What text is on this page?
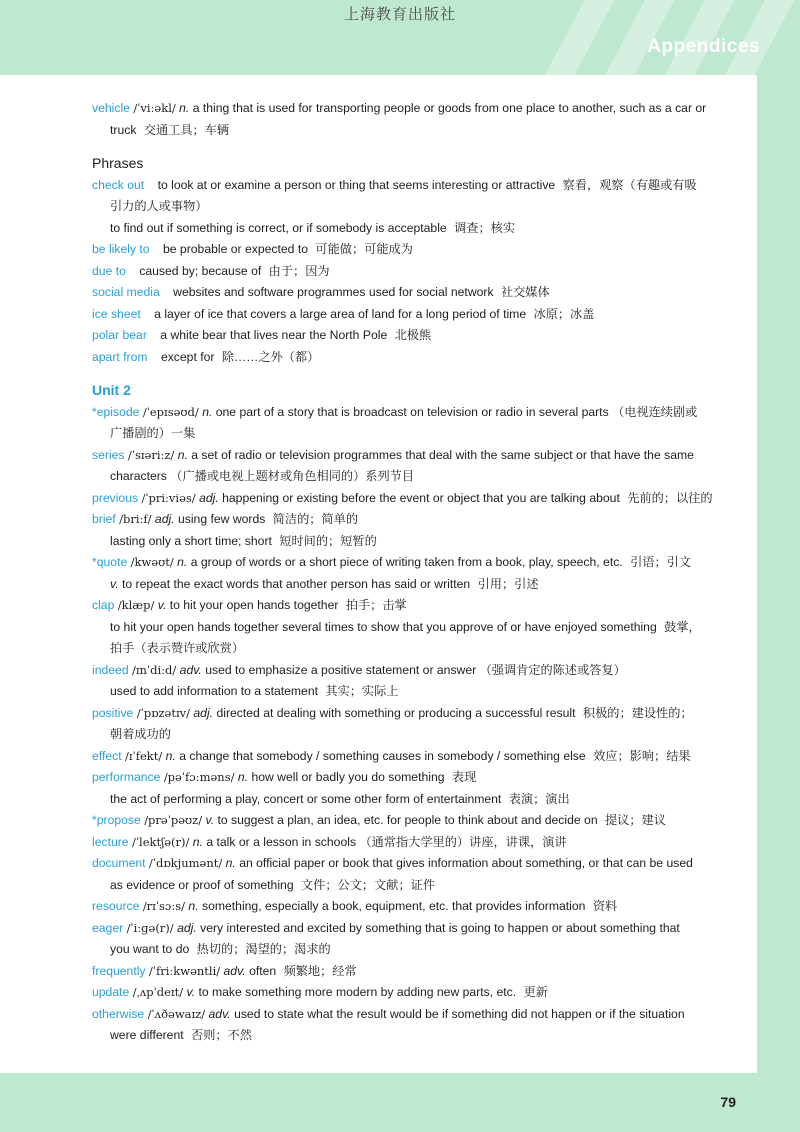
上海教育出版社
Appendices
79
vehicle /ˈviːəkl/ n. a thing that is used for transporting people or goods from one place to another, such as a car or
truck 交通工具；车辆
Phrases
check out to look at or examine a person or thing that seems interesting or attractive 察看，观察（有趣或有吸
引力的人或事物）
to find out if something is correct, or if somebody is acceptable 调查；核实
be likely to be probable or expected to 可能做；可能成为
due to caused by; because of 由于；因为
social media websites and software programmes used for social network 社交媒体
ice sheet a layer of ice that covers a large area of land for a long period of time 冰原；冰盖
polar bear a white bear that lives near the North Pole 北极熊
apart from except for 除……之外（都）
Unit 2
*episode /ˈepɪsəʊd/ n. one part of a story that is broadcast on television or radio in several parts （电视连续剧或
广播剧的）一集
series /ˈsɪəriːz/ n. a set of radio or television programmes that deal with the same subject or that have the same
characters （广播或电视上题材或角色相同的）系列节目
previous /ˈpriːviəs/ adj. happening or existing before the event or object that you are talking about 先前的；以往的
brief /briːf/ adj. using few words 简洁的；简单的
lasting only a short time; short 短时间的；短暂的
*quote /kwəʊt/ n. a group of words or a short piece of writing taken from a book, play, speech, etc. 引语；引文
v. to repeat the exact words that another person has said or written 引用；引述
clap /klæp/ v. to hit your open hands together 拍手；击掌
to hit your open hands together several times to show that you approve of or have enjoyed something 鼓掌，
拍手（表示赞许或欣赏）
indeed /ɪnˈdiːd/ adv. used to emphasize a positive statement or answer （强调肯定的陈述或答复）
used to add information to a statement 其实；实际上
positive /ˈpɒzətɪv/ adj. directed at dealing with something or producing a successful result 积极的；建设性的；
朝着成功的
effect /ɪˈfekt/ n. a change that somebody / something causes in somebody / something else 效应；影响；结果
performance /pəˈfɔːməns/ n. how well or badly you do something 表现
the act of performing a play, concert or some other form of entertainment 表演；演出
*propose /prəˈpəʊz/ v. to suggest a plan, an idea, etc. for people to think about and decide on 提议；建议
lecture /ˈlektʃə(r)/ n. a talk or a lesson in schools （通常指大学里的）讲座，讲课，演讲
document /ˈdɒkjumənt/ n. an official paper or book that gives information about something, or that can be used
as evidence or proof of something 文件；公文；文献；证件
resource /rɪˈsɔːs/ n. something, especially a book, equipment, etc. that provides information 资料
eager /ˈiːɡə(r)/ adj. very interested and excited by something that is going to happen or about something that
you want to do 热切的；渴望的；渴求的
frequently /ˈfriːkwəntli/ adv. often 频繁地；经常
update /ˌʌpˈdeɪt/ v. to make something more modern by adding new parts, etc. 更新
otherwise /ˈʌðəwaɪz/ adv. used to state what the result would be if something did not happen or if the situation
were different 否则；不然
